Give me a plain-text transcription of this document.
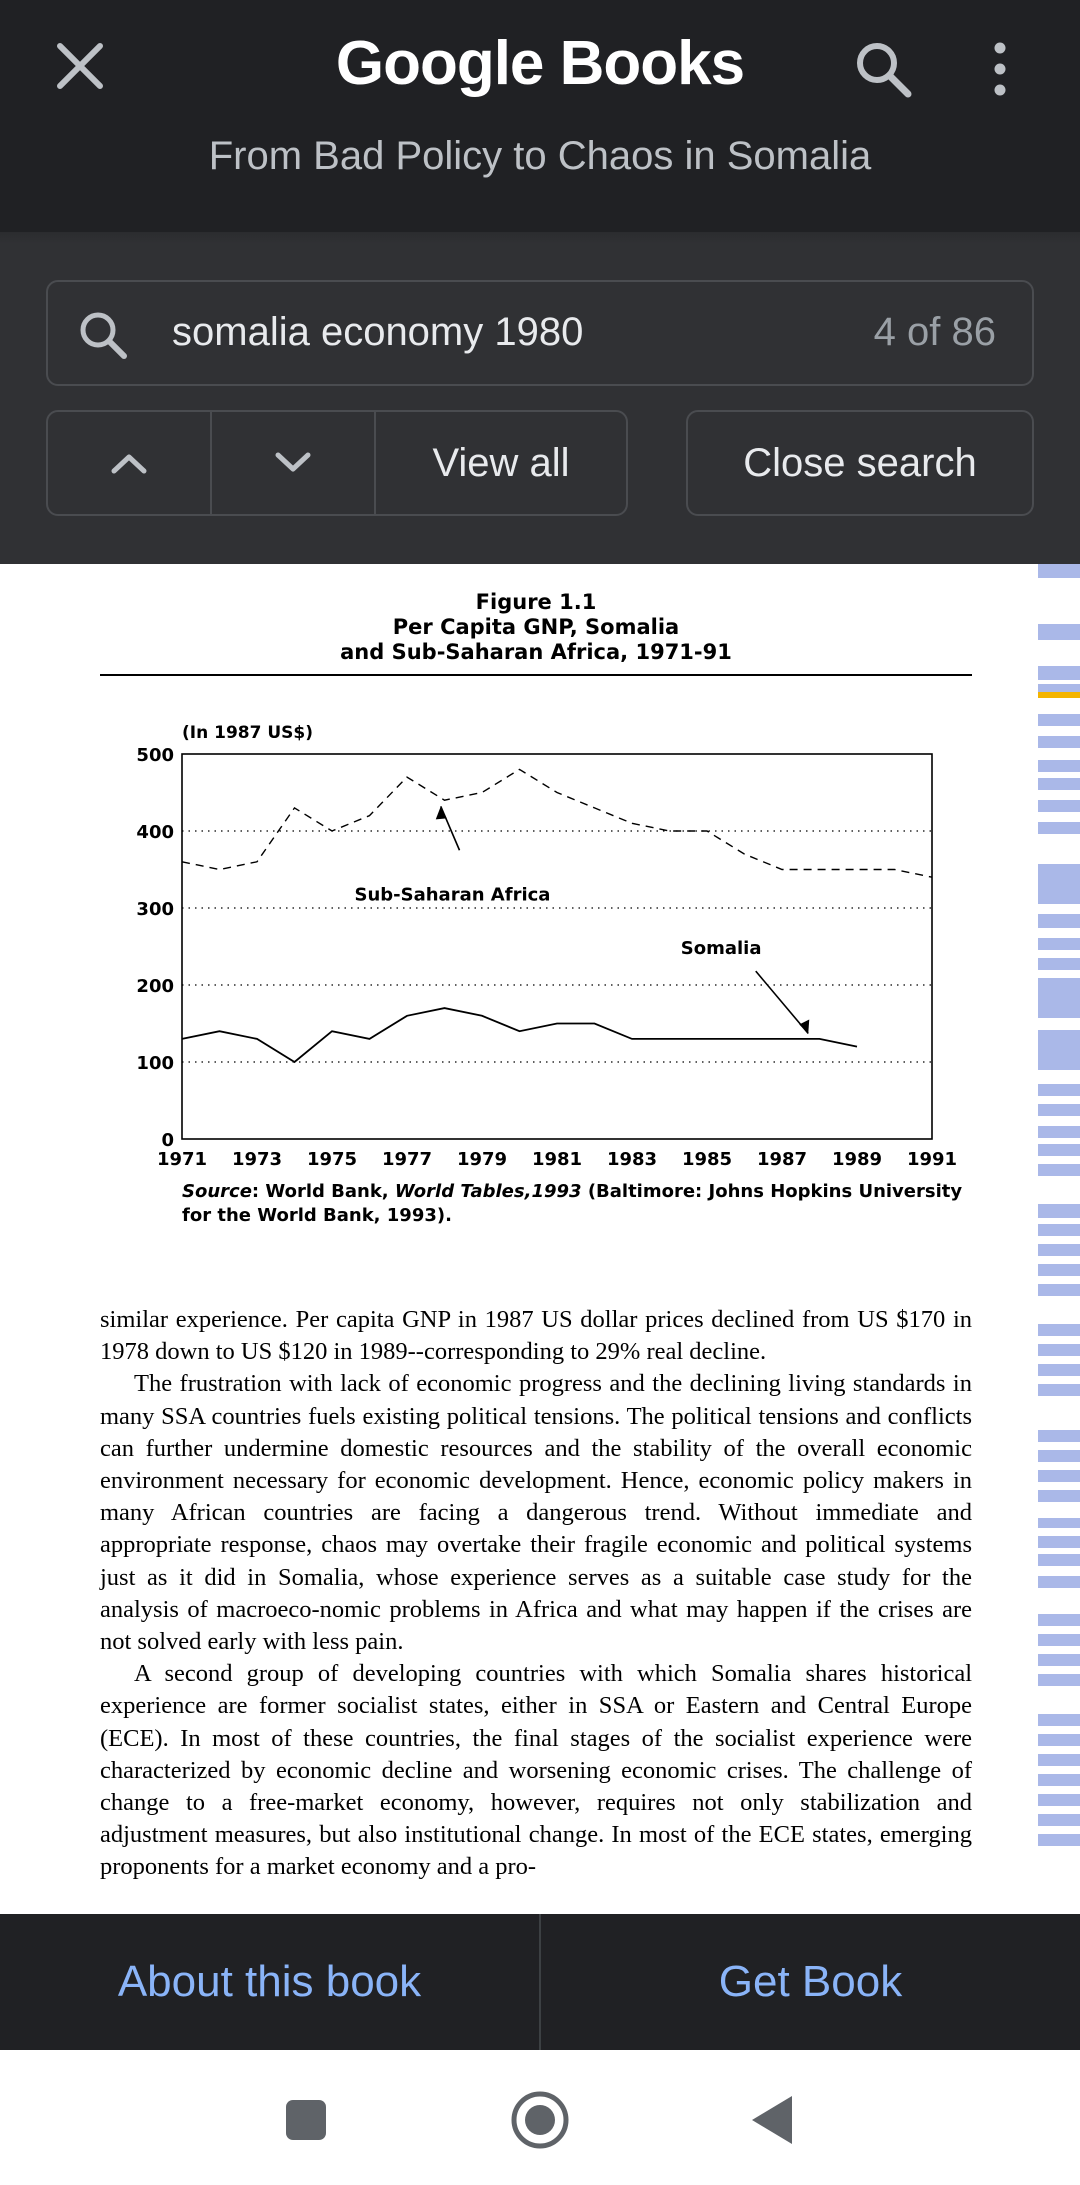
Google Books
From Bad Policy to Chaos in Somalia
somalia economy 1980	4 of 86
View all	Close search
Figure 1.1
Per Capita GNP, Somalia
and Sub-Saharan Africa, 1971-91
0
100
200
300
400
500
1971 1973 1975 1977 1979 1981 1983 1985 1987 1989 1991
(In 1987 US$)
Sub-Saharan Africa
Somalia
Source: World Bank, World Tables,1993 (Baltimore: Johns Hopkins University for the World Bank, 1993).

similar experience. Per capita GNP in 1987 US dollar prices declined from US $170 in 1978 down to US $120 in 1989--corresponding to 29% real decline.

The frustration with lack of economic progress and the declining living standards in many SSA countries fuels existing political tensions. The political tensions and conflicts can further undermine domestic resources and the stability of the overall economic environment necessary for economic development. Hence, economic policy makers in many African countries are facing a dangerous trend. Without immediate and appropriate response, chaos may overtake their fragile economic and political systems just as it did in Somalia, whose experience serves as a suitable case study for the analysis of macroeco-nomic problems in Africa and what may happen if the crises are not solved early with less pain.

A second group of developing countries with which Somalia shares historical experience are former socialist states, either in SSA or Eastern and Central Europe (ECE). In most of these countries, the final stages of the socialist experience were characterized by economic decline and worsening economic crises. The challenge of change to a free-market economy, however, requires not only stabilization and adjustment measures, but also institutional change. In most of the ECE states, emerging proponents for a market economy and a pro-

About this book	Get Book
